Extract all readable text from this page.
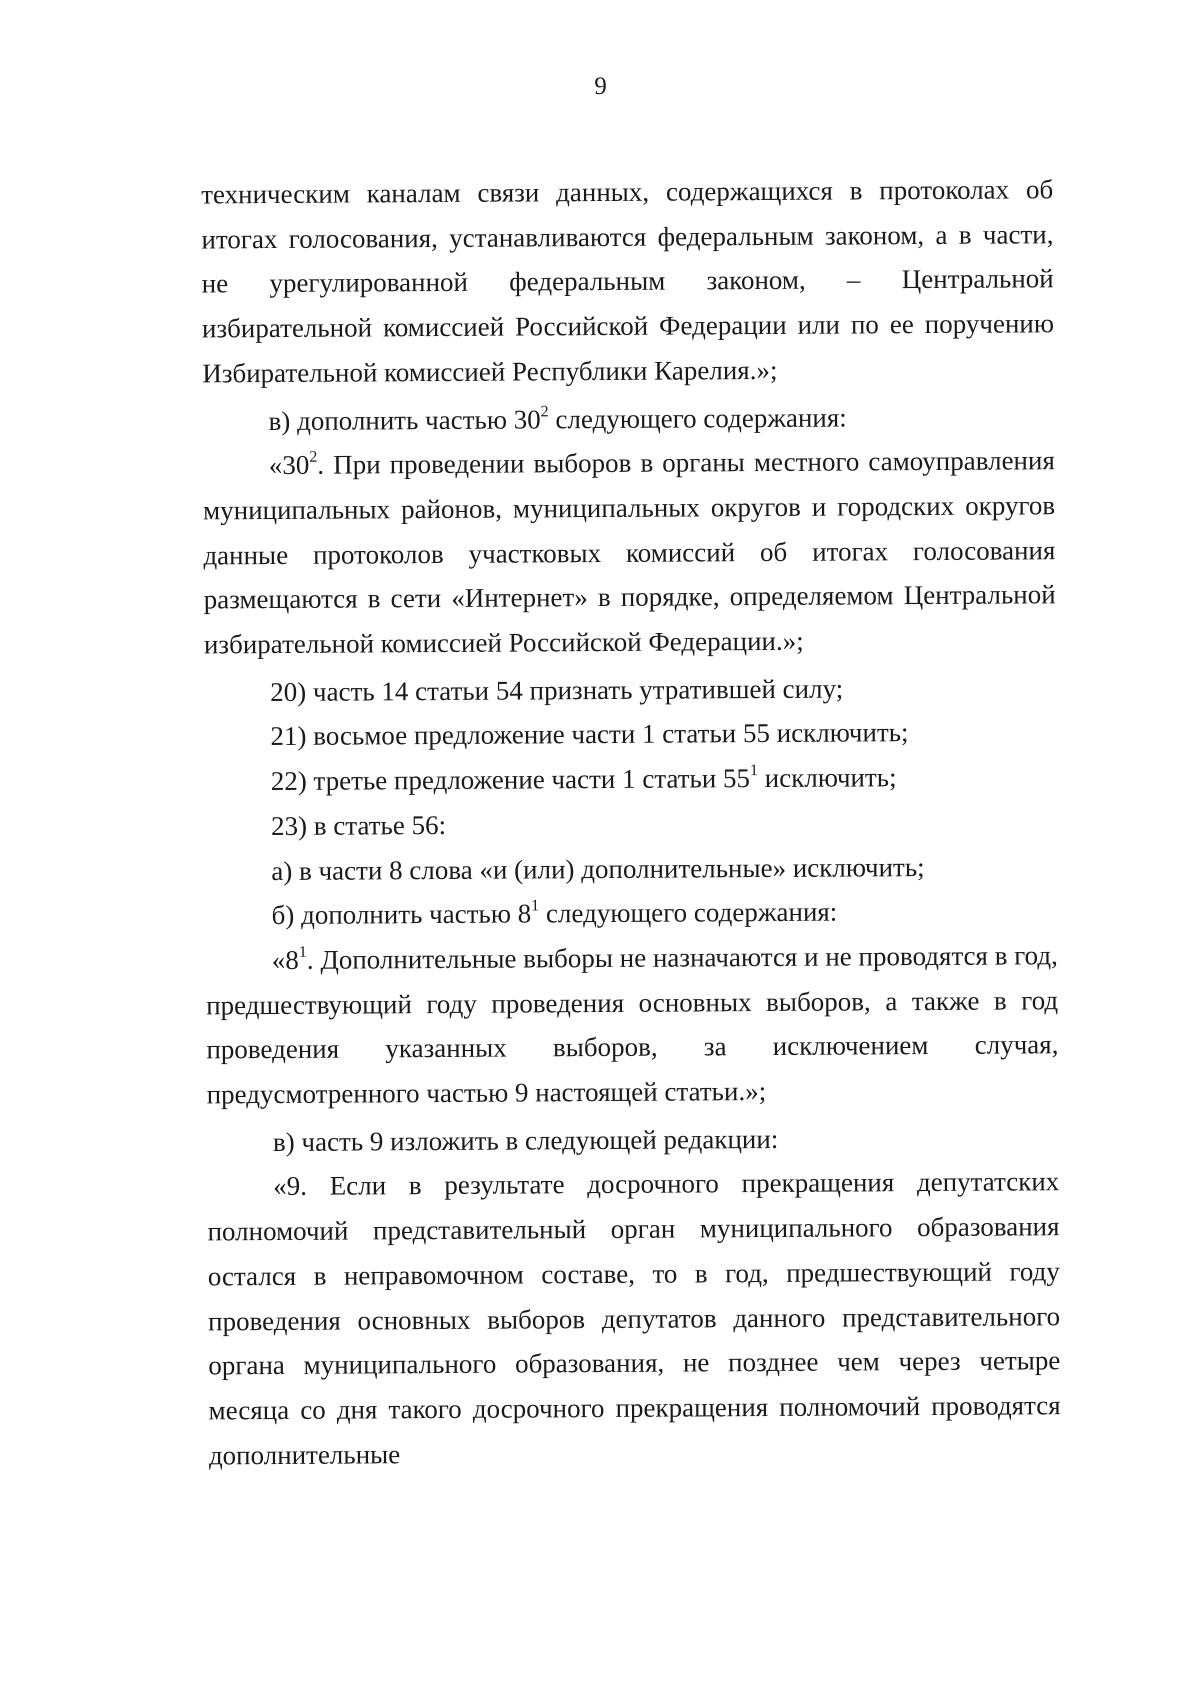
9

техническим каналам связи данных, содержащихся в протоколах об итогах голосования, устанавливаются федеральным законом, а в части, не урегулированной федеральным законом, – Центральной избирательной комиссией Российской Федерации или по ее поручению Избирательной комиссией Республики Карелия.»;

в) дополнить частью $30^2$ следующего содержания:

«$30^2$. При проведении выборов в органы местного самоуправления муниципальных районов, муниципальных округов и городских округов данные протоколов участковых комиссий об итогах голосования размещаются в сети «Интернет» в порядке, определяемом Центральной избирательной комиссией Российской Федерации.»;

20) часть 14 статьи 54 признать утратившей силу;

21) восьмое предложение части 1 статьи 55 исключить;

22) третье предложение части 1 статьи $55^1$ исключить;

23) в статье 56:

а) в части 8 слова «и (или) дополнительные» исключить;

б) дополнить частью $8^1$ следующего содержания:

«$8^1$. Дополнительные выборы не назначаются и не проводятся в год, предшествующий году проведения основных выборов, а также в год проведения указанных выборов, за исключением случая, предусмотренного частью 9 настоящей статьи.»;

в) часть 9 изложить в следующей редакции:

«9. Если в результате досрочного прекращения депутатских полномочий представительный орган муниципального образования остался в неправомочном составе, то в год, предшествующий году проведения основных выборов депутатов данного представительного органа муниципального образования, не позднее чем через четыре месяца со дня такого досрочного прекращения полномочий проводятся дополнительные
